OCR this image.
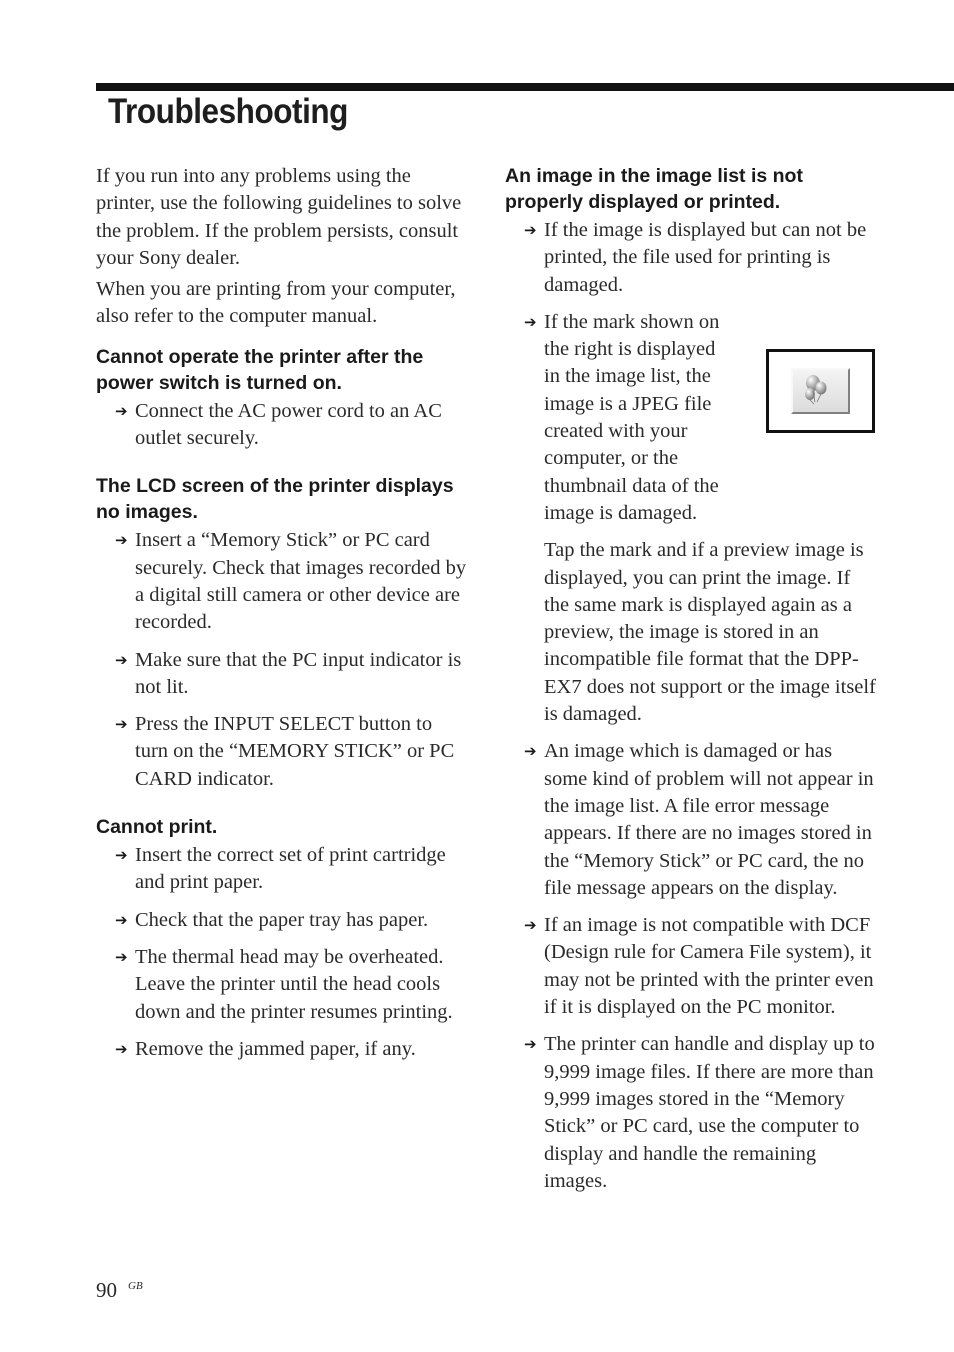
Troubleshooting

If you run into any problems using the printer, use the following guidelines to solve the problem. If the problem persists, consult your Sony dealer.

When you are printing from your computer, also refer to the computer manual.

Cannot operate the printer after the power switch is turned on.
➔ Connect the AC power cord to an AC outlet securely.
The LCD screen of the printer displays no images.
➔ Insert a “Memory Stick” or PC card securely. Check that images recorded by a digital still camera or other device are recorded.
➔ Make sure that the PC input indicator is not lit.
➔ Press the INPUT SELECT button to turn on the “MEMORY STICK” or PC CARD indicator.
Cannot print.
➔ Insert the correct set of print cartridge and print paper.
➔ Check that the paper tray has paper.
➔ The thermal head may be overheated. Leave the printer until the head cools down and the printer resumes printing.
➔ Remove the jammed paper, if any.
An image in the image list is not properly displayed or printed.
➔ If the image is displayed but can not be printed, the file used for printing is damaged.
➔ If the mark shown on
the right is displayed
in the image list, the
image is a JPEG file
created with your
computer, or the
thumbnail data of the
image is damaged.

Tap the mark and if a preview image is displayed, you can print the image. If the same mark is displayed again as a preview, the image is stored in an incompatible file format that the DPP-EX7 does not support or the image itself is damaged.

➔ An image which is damaged or has some kind of problem will not appear in the image list. A file error message appears. If there are no images stored in the “Memory Stick” or PC card, the no file message appears on the display.
➔ If an image is not compatible with DCF (Design rule for Camera File system), it may not be printed with the printer even if it is displayed on the PC monitor.
➔ The printer can handle and display up to 9,999 image files. If there are more than 9,999 images stored in the “Memory Stick” or PC card, use the computer to display and handle the remaining images.
90 GB
